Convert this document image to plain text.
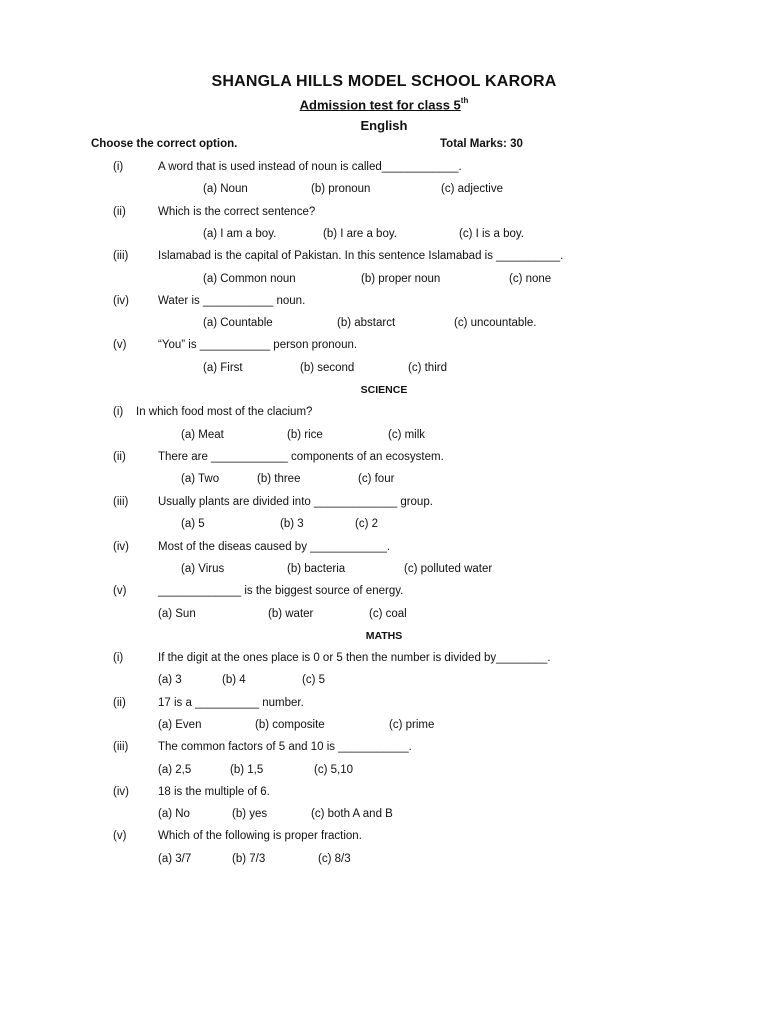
SHANGLA HILLS MODEL SCHOOL KARORA
Admission test for class 5th
English
Choose the correct option.	Total Marks: 30
(i)	A word that is used instead of noun is called____________.
(a) Noun	(b) pronoun	(c) adjective
(ii)	Which is the correct sentence?
(a) I am a boy.	(b) I are a boy.	(c) I is a boy.
(iii)	Islamabad is the capital of Pakistan. In this sentence Islamabad is __________.
(a) Common noun	(b) proper noun	(c) none
(iv)	Water is ___________ noun.
(a) Countable	(b) abstarct	(c) uncountable.
(v)	“You” is ___________ person pronoun.
(a) First	(b) second	(c) third
SCIENCE
(i) In which food most of the clacium?
(a) Meat	(b) rice	(c) milk
(ii)	There are ____________ components of an ecosystem.
(a) Two	(b) three	(c) four
(iii)	Usually plants are divided into _____________ group.
(a) 5	(b) 3	(c) 2
(iv)	Most of the diseas caused by ____________.
(a) Virus	(b) bacteria	(c) polluted water
(v)	_____________ is the biggest source of energy.
(a) Sun	(b) water	(c) coal
MATHS
(i)	If the digit at the ones place is 0 or 5 then the number is divided by________.
(a) 3	(b) 4	(c) 5
(ii)	17 is a __________ number.
(a) Even	(b) composite	(c) prime
(iii)	The common factors of 5 and 10 is ___________.
(a) 2,5	(b) 1,5	(c) 5,10
(iv)	18 is the multiple of 6.
(a) No	(b) yes	(c) both A and B
(v)	Which of the following is proper fraction.
(a) 3/7	(b) 7/3	(c) 8/3
